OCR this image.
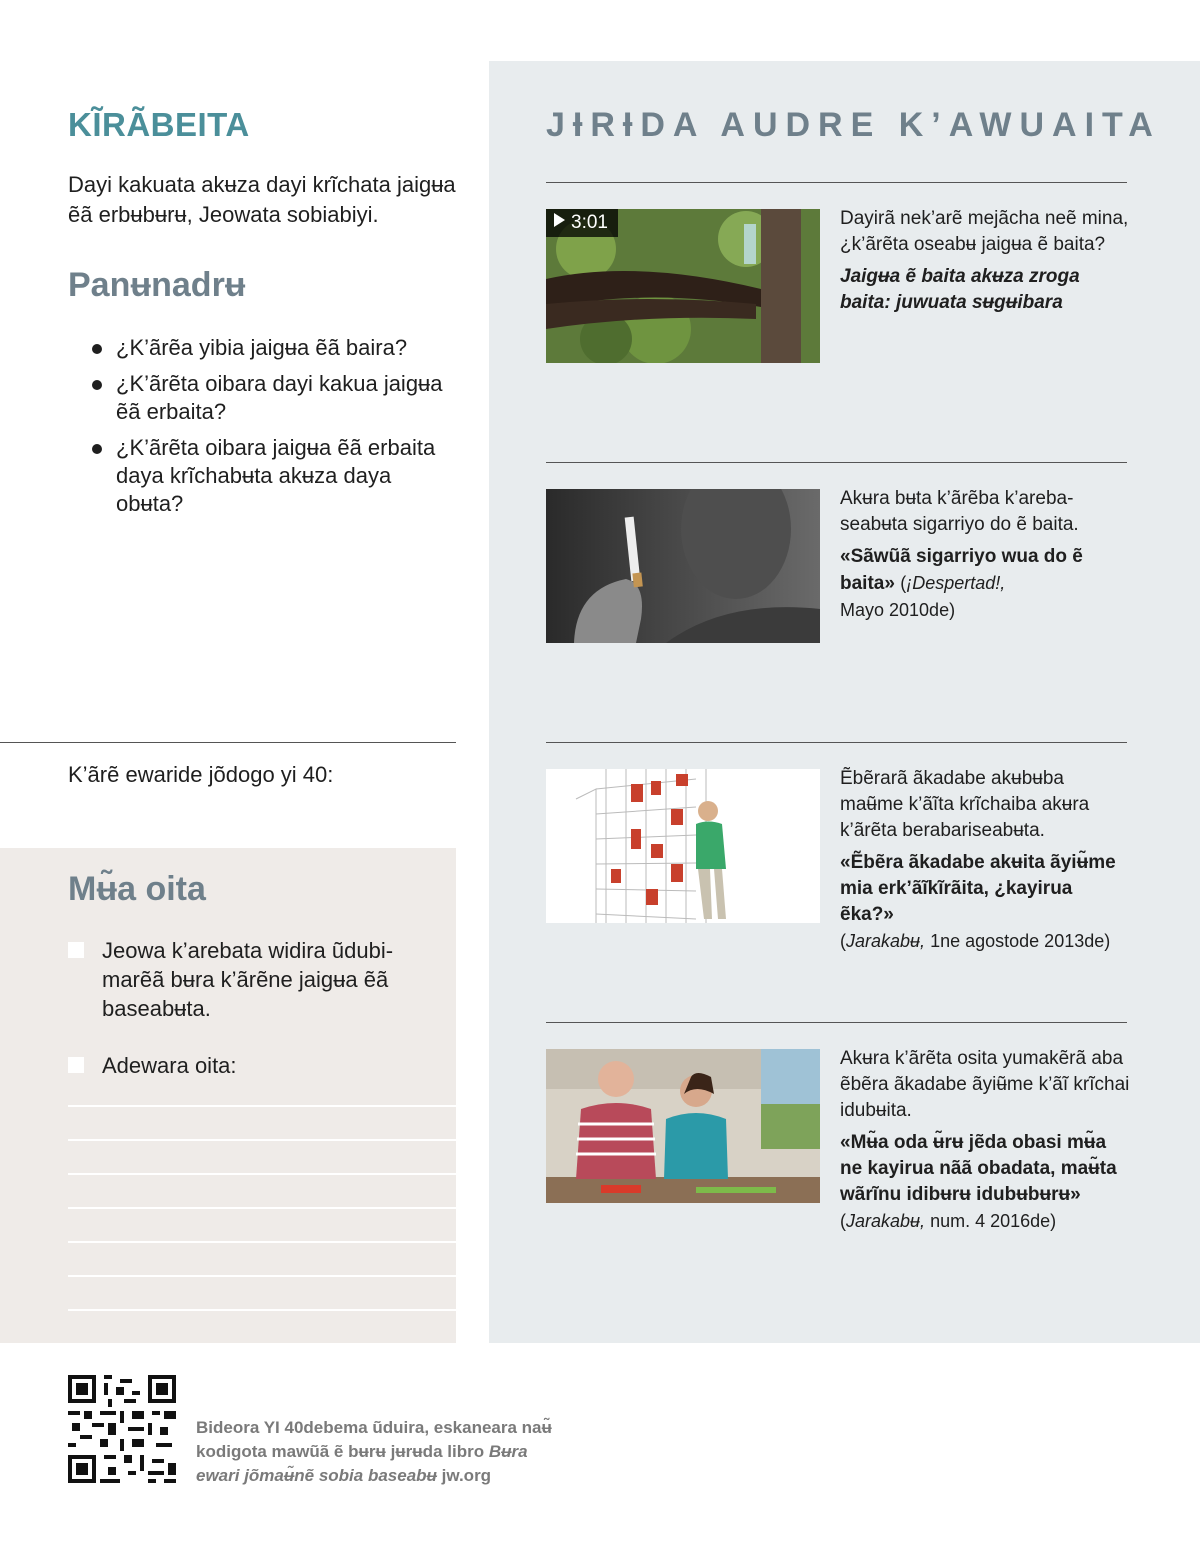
KĨRÃBEITA
Dayi kakuata akʉza dayi krĩchata jaigʉa ẽã erbʉbʉrʉ, Jeowata sobiabiyi.
Panʉnadrʉ
¿K’ãrẽa yibia jaigʉa ẽã baira?
¿K’ãrẽta oibara dayi kakua jaigʉa ẽã erbaita?
¿K’ãrẽta oibara jaigʉa ẽã erbaita daya krĩchabʉta akʉza daya obʉta?
K’ãrẽ ewaride jõdogo yi 40:
Mʉ̃a oita
Jeowa k’arebata widira ũdubimarẽã bʉra k’ãrẽne jaigʉa ẽã baseabʉta.
Adewara oita:
JƗRƗDA AUDRE K’AWUAITA
3:01	Dayirã nek’arẽ mejãcha neẽ mina, ¿k’ãrẽta oseabʉ jaigʉa ẽ baita?
Jaigʉa ẽ baita akʉza zroga baita: juwuata sʉgʉibara
Akʉra bʉta k’ãrẽba k’arebaseabʉta sigarriyo do ẽ baita.
«Sãwũã sigarriyo wua do ẽ baita» (¡Despertad!,
Mayo 2010de)
Ẽbẽrarã ãkadabe akʉbʉba maʉ̃me k’ãĩta krĩchaiba akʉra k’ãrẽta berabariseabʉta.
«Ẽbẽra ãkadabe akʉita ãyiʉ̃me mia erk’ãĩkĩrãita, ¿kayirua ẽka?»
(Jarakabʉ, 1ne agostode 2013de)
Akʉra k’ãrẽta osita yumakẽrã aba ẽbẽra ãkadabe ãyiʉ̃me k’ãĩ krĩchai idubʉita.
«Mʉ̃a oda ʉ̃rʉ jẽda obasi mʉ̃a ne kayirua nãã obadata, maʉ̃ta wãrĩnu idibʉrʉ idubʉbʉrʉ»
(Jarakabʉ, num. 4 2016de)
Bideora YI 40debema ũduira, eskaneara naʉ̃
kodigota mawũã ẽ bʉrʉ jʉrʉda libro Bʉra
ewari jõmaʉ̃nẽ sobia baseabʉ jw.org
